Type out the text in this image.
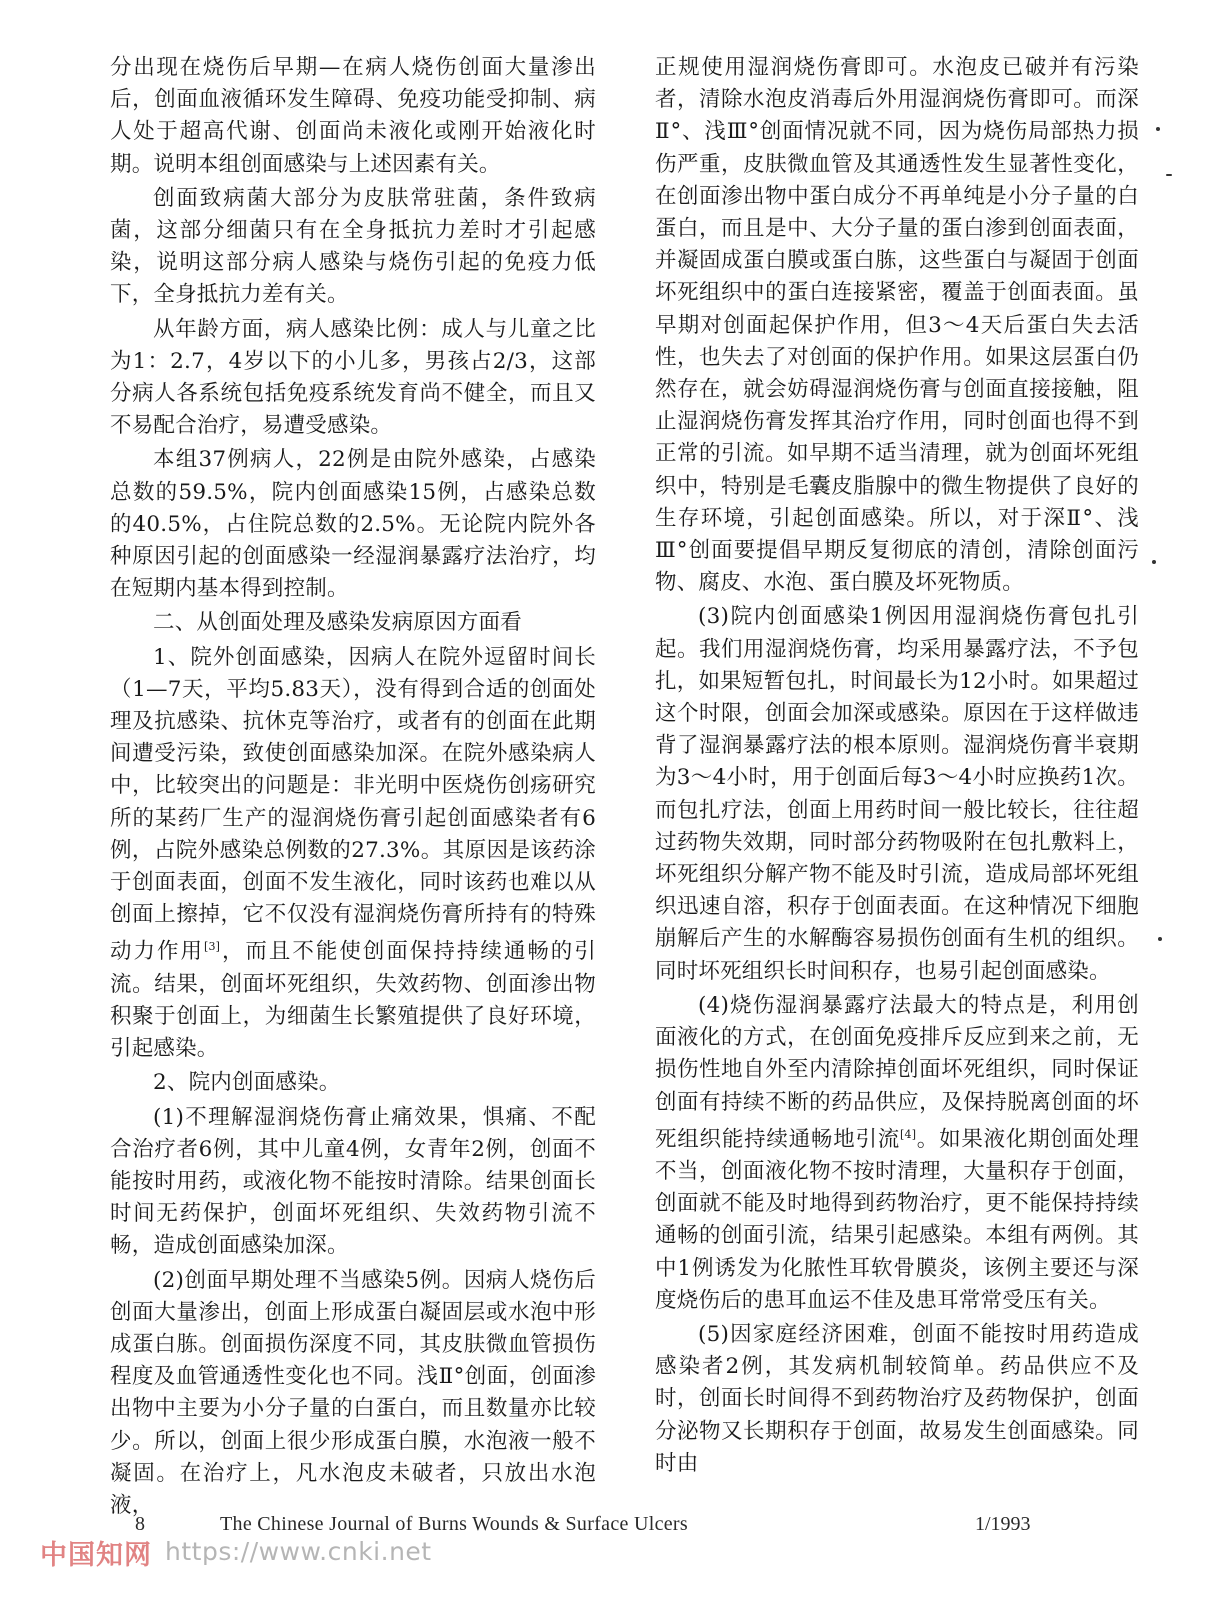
分出现在烧伤后早期—在病人烧伤创面大量渗出后，创面血液循环发生障碍、免疫功能受抑制、病人处于超高代谢、创面尚未液化或刚开始液化时期。说明本组创面感染与上述因素有关。

创面致病菌大部分为皮肤常驻菌，条件致病菌，这部分细菌只有在全身抵抗力差时才引起感染，说明这部分病人感染与烧伤引起的免疫力低下，全身抵抗力差有关。

从年龄方面，病人感染比例：成人与儿童之比为1：2.7，4岁以下的小儿多，男孩占2/3，这部分病人各系统包括免疫系统发育尚不健全，而且又不易配合治疗，易遭受感染。

本组37例病人，22例是由院外感染，占感染总数的59.5%，院内创面感染15例，占感染总数的40.5%，占住院总数的2.5%。无论院内院外各种原因引起的创面感染一经湿润暴露疗法治疗，均在短期内基本得到控制。

二、从创面处理及感染发病原因方面看

1、院外创面感染，因病人在院外逗留时间长（1—7天，平均5.83天），没有得到合适的创面处理及抗感染、抗休克等治疗，或者有的创面在此期间遭受污染，致使创面感染加深。在院外感染病人中，比较突出的问题是：非光明中医烧伤创疡研究所的某药厂生产的湿润烧伤膏引起创面感染者有6例，占院外感染总例数的27.3%。其原因是该药涂于创面表面，创面不发生液化，同时该药也难以从创面上擦掉，它不仅没有湿润烧伤膏所持有的特殊动力作用[3]，而且不能使创面保持持续通畅的引流。结果，创面坏死组织，失效药物、创面渗出物积聚于创面上，为细菌生长繁殖提供了良好环境，引起感染。

2、院内创面感染。

(1)不理解湿润烧伤膏止痛效果，惧痛、不配合治疗者6例，其中儿童4例，女青年2例，创面不能按时用药，或液化物不能按时清除。结果创面长时间无药保护，创面坏死组织、失效药物引流不畅，造成创面感染加深。

(2)创面早期处理不当感染5例。因病人烧伤后创面大量渗出，创面上形成蛋白凝固层或水泡中形成蛋白胨。创面损伤深度不同，其皮肤微血管损伤程度及血管通透性变化也不同。浅Ⅱ°创面，创面渗出物中主要为小分子量的白蛋白，而且数量亦比较少。所以，创面上很少形成蛋白膜，水泡液一般不凝固。在治疗上，凡水泡皮未破者，只放出水泡液，

正规使用湿润烧伤膏即可。水泡皮已破并有污染者，清除水泡皮消毒后外用湿润烧伤膏即可。而深Ⅱ°、浅Ⅲ°创面情况就不同，因为烧伤局部热力损伤严重，皮肤微血管及其通透性发生显著性变化，在创面渗出物中蛋白成分不再单纯是小分子量的白蛋白，而且是中、大分子量的蛋白渗到创面表面，并凝固成蛋白膜或蛋白胨，这些蛋白与凝固于创面坏死组织中的蛋白连接紧密，覆盖于创面表面。虽早期对创面起保护作用，但3～4天后蛋白失去活性，也失去了对创面的保护作用。如果这层蛋白仍然存在，就会妨碍湿润烧伤膏与创面直接接触，阻止湿润烧伤膏发挥其治疗作用，同时创面也得不到正常的引流。如早期不适当清理，就为创面坏死组织中，特别是毛囊皮脂腺中的微生物提供了良好的生存环境，引起创面感染。所以，对于深Ⅱ°、浅Ⅲ°创面要提倡早期反复彻底的清创，清除创面污物、腐皮、水泡、蛋白膜及坏死物质。

(3)院内创面感染1例因用湿润烧伤膏包扎引起。我们用湿润烧伤膏，均采用暴露疗法，不予包扎，如果短暂包扎，时间最长为12小时。如果超过这个时限，创面会加深或感染。原因在于这样做违背了湿润暴露疗法的根本原则。湿润烧伤膏半衰期为3～4小时，用于创面后每3～4小时应换药1次。而包扎疗法，创面上用药时间一般比较长，往往超过药物失效期，同时部分药物吸附在包扎敷料上，坏死组织分解产物不能及时引流，造成局部坏死组织迅速自溶，积存于创面表面。在这种情况下细胞崩解后产生的水解酶容易损伤创面有生机的组织。同时坏死组织长时间积存，也易引起创面感染。

(4)烧伤湿润暴露疗法最大的特点是，利用创面液化的方式，在创面免疫排斥反应到来之前，无损伤性地自外至内清除掉创面坏死组织，同时保证创面有持续不断的药品供应，及保持脱离创面的坏死组织能持续通畅地引流[4]。如果液化期创面处理不当，创面液化物不按时清理，大量积存于创面，创面就不能及时地得到药物治疗，更不能保持持续通畅的创面引流，结果引起感染。本组有两例。其中1例诱发为化脓性耳软骨膜炎，该例主要还与深度烧伤后的患耳血运不佳及患耳常常受压有关。

(5)因家庭经济困难，创面不能按时用药造成感染者2例，其发病机制较简单。药品供应不及时，创面长时间得不到药物治疗及药物保护，创面分泌物又长期积存于创面，故易发生创面感染。同时由

8	The Chinese Journal of Burns Wounds & Surface Ulcers	1/1993
中国知网 https://www.cnki.net
